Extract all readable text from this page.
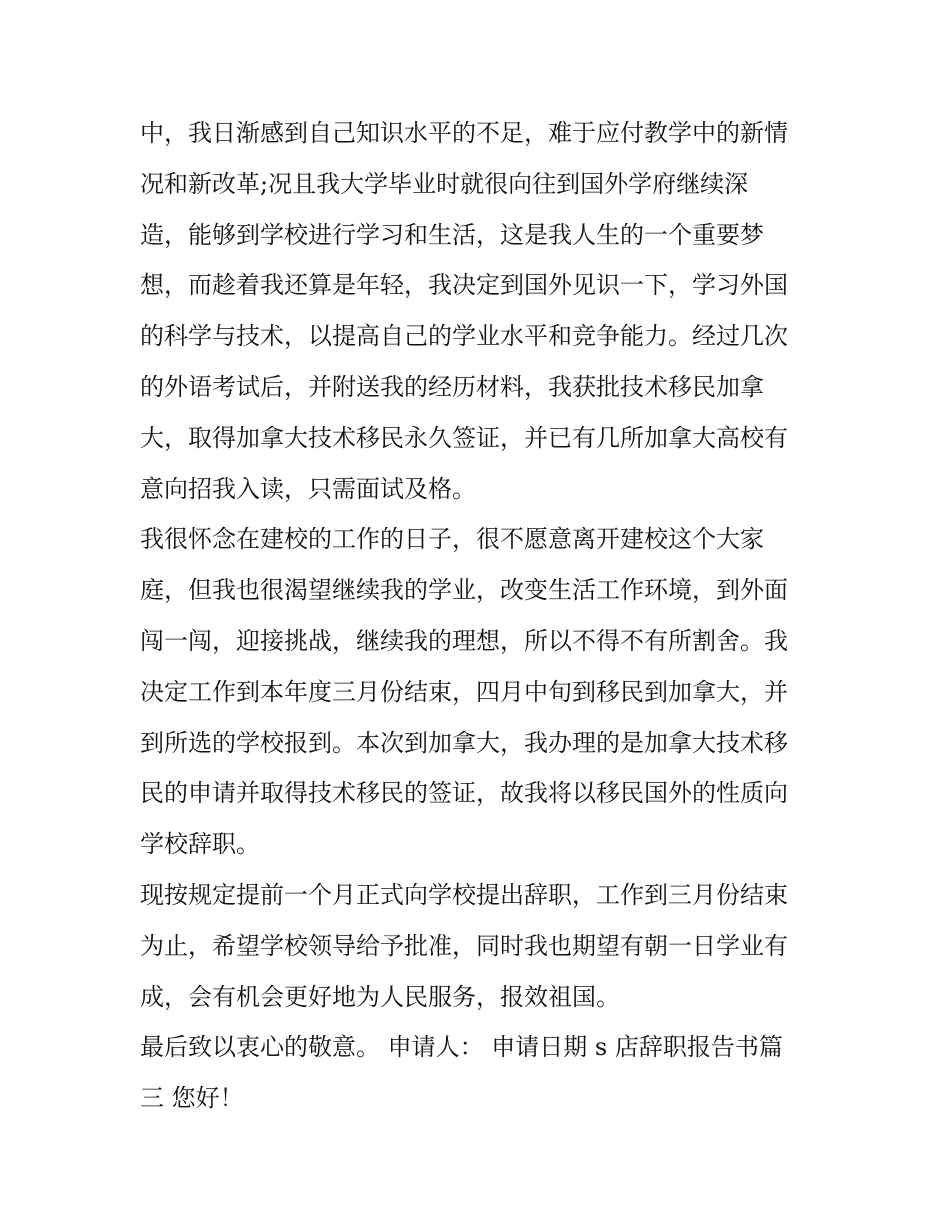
中，我日渐感到自己知识水平的不足，难于应付教学中的新情
况和新改革;况且我大学毕业时就很向往到国外学府继续深
造，能够到学校进行学习和生活，这是我人生的一个重要梦
想，而趁着我还算是年轻，我决定到国外见识一下，学习外国
的科学与技术，以提高自己的学业水平和竞争能力。经过几次
的外语考试后，并附送我的经历材料，我获批技术移民加拿
大，取得加拿大技术移民永久签证，并已有几所加拿大高校有
意向招我入读，只需面试及格。
我很怀念在建校的工作的日子，很不愿意离开建校这个大家
庭，但我也很渴望继续我的学业，改变生活工作环境，到外面
闯一闯，迎接挑战，继续我的理想，所以不得不有所割舍。我
决定工作到本年度三月份结束，四月中旬到移民到加拿大，并
到所选的学校报到。本次到加拿大，我办理的是加拿大技术移
民的申请并取得技术移民的签证，故我将以移民国外的性质向
学校辞职。
现按规定提前一个月正式向学校提出辞职，工作到三月份结束
为止，希望学校领导给予批准，同时我也期望有朝一日学业有
成，会有机会更好地为人民服务，报效祖国。
最后致以衷心的敬意。 申请人： 申请日期 s 店辞职报告书篇
三 您好！
